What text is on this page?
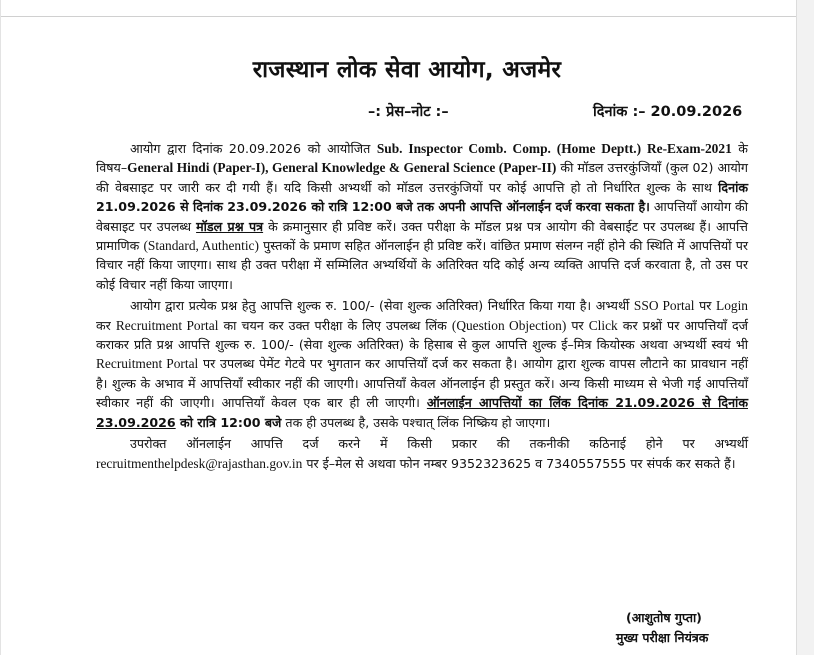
राजस्थान लोक सेवा आयोग, अजमेर
–: प्रेस–नोट :–	दिनांक :– 20.09.2026

आयोग द्वारा दिनांक 20.09.2026 को आयोजित Sub. Inspector Comb. Comp. (Home Deptt.) Re-Exam-2021 के विषय–General Hindi (Paper-I), General Knowledge & General Science (Paper-II) की मॉडल उत्तरकुंजियाँ (कुल 02) आयोग की वेबसाइट पर जारी कर दी गयी हैं। यदि किसी अभ्यर्थी को मॉडल उत्तरकुंजियों पर कोई आपत्ति हो तो निर्धारित शुल्क के साथ दिनांक 21.09.2026 से दिनांक 23.09.2026 को रात्रि 12:00 बजे तक अपनी आपत्ति ऑनलाईन दर्ज करवा सकता है। आपत्तियाँ आयोग की वेबसाइट पर उपलब्ध मॉडल प्रश्न पत्र के क्रमानुसार ही प्रविष्ट करें। उक्त परीक्षा के मॉडल प्रश्न पत्र आयोग की वेबसाईट पर उपलब्ध हैं। आपत्ति प्रामाणिक (Standard, Authentic) पुस्तकों के प्रमाण सहित ऑनलाईन ही प्रविष्ट करें। वांछित प्रमाण संलग्न नहीं होने की स्थिति में आपत्तियों पर विचार नहीं किया जाएगा। साथ ही उक्त परीक्षा में सम्मिलित अभ्यर्थियों के अतिरिक्त यदि कोई अन्य व्यक्ति आपत्ति दर्ज करवाता है, तो उस पर कोई विचार नहीं किया जाएगा।

आयोग द्वारा प्रत्येक प्रश्न हेतु आपत्ति शुल्क रु. 100/- (सेवा शुल्क अतिरिक्त) निर्धारित किया गया है। अभ्यर्थी SSO Portal पर Login कर Recruitment Portal का चयन कर उक्त परीक्षा के लिए उपलब्ध लिंक (Question Objection) पर Click कर प्रश्नों पर आपत्तियाँ दर्ज कराकर प्रति प्रश्न आपत्ति शुल्क रु. 100/- (सेवा शुल्क अतिरिक्त) के हिसाब से कुल आपत्ति शुल्क ई–मित्र कियोस्क अथवा अभ्यर्थी स्वयं भी Recruitment Portal पर उपलब्ध पेमेंट गेटवे पर भुगतान कर आपत्तियाँ दर्ज कर सकता है। आयोग द्वारा शुल्क वापस लौटाने का प्रावधान नहीं है। शुल्क के अभाव में आपत्तियाँ स्वीकार नहीं की जाएगी। आपत्तियाँ केवल ऑनलाईन ही प्रस्तुत करें। अन्य किसी माध्यम से भेजी गई आपत्तियाँ स्वीकार नहीं की जाएगी। आपत्तियाँ केवल एक बार ही ली जाएगी। ऑनलाईन आपत्तियों का लिंक दिनांक 21.09.2026 से दिनांक 23.09.2026 को रात्रि 12:00 बजे तक ही उपलब्ध है, उसके पश्चात् लिंक निष्क्रिय हो जाएगा।

उपरोक्त ऑनलाईन आपत्ति दर्ज करने में किसी प्रकार की तकनीकी कठिनाई होने पर अभ्यर्थी recruitmenthelpdesk@rajasthan.gov.in पर ई–मेल से अथवा फोन नम्बर 9352323625 व 7340557555 पर संपर्क कर सकते हैं।

(आशुतोष गुप्ता)
मुख्य परीक्षा नियंत्रक
